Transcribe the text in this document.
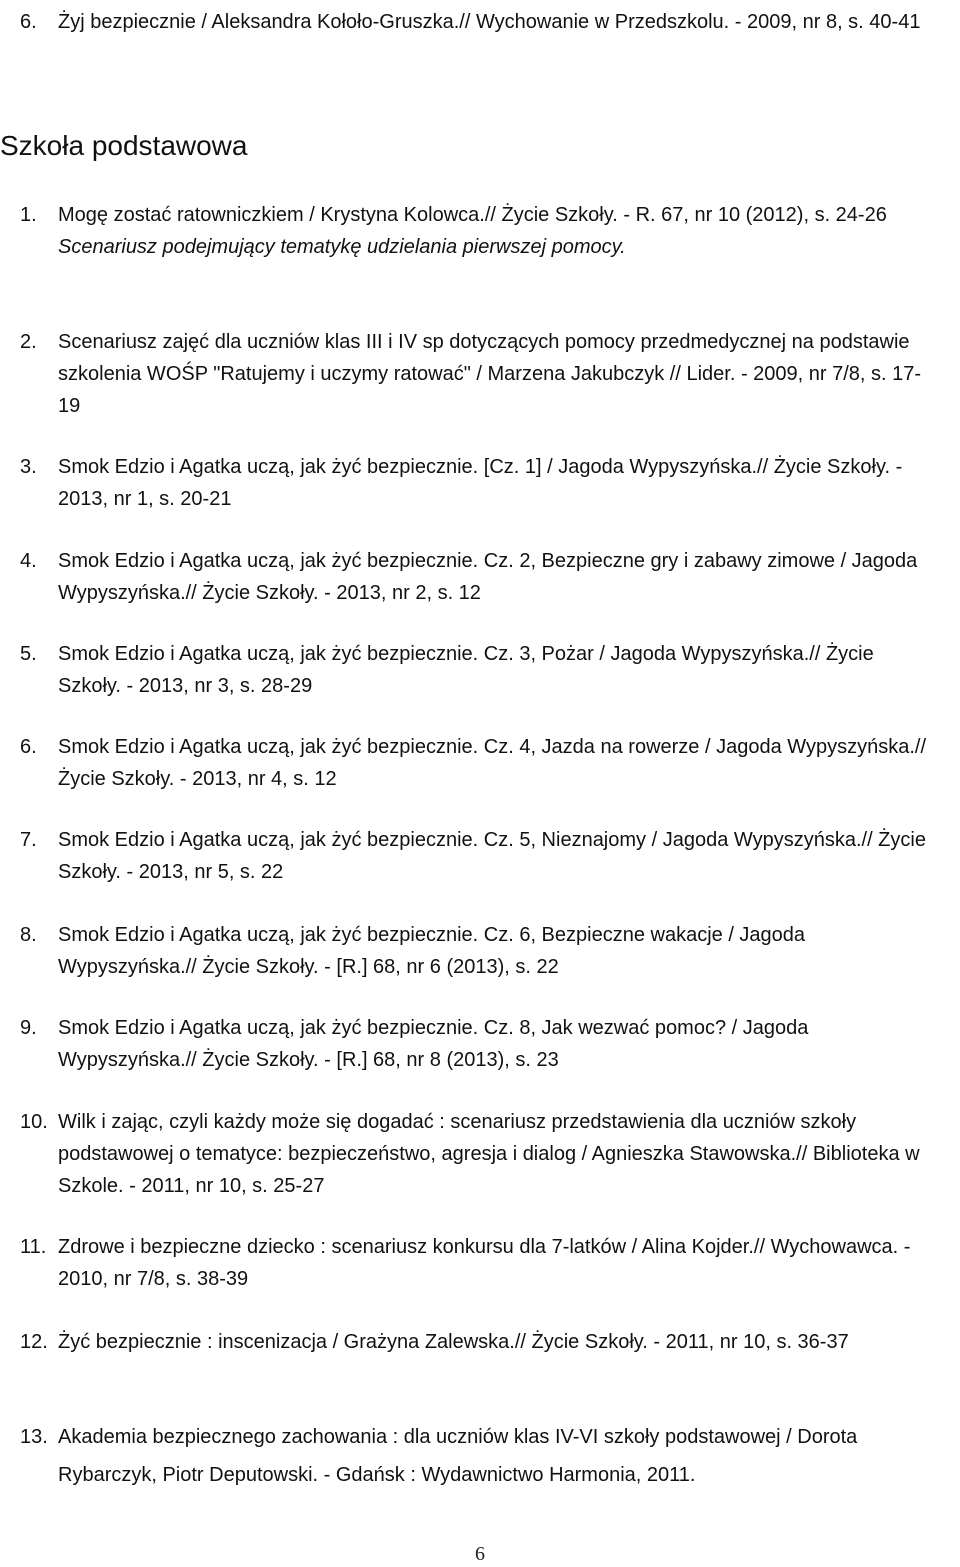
6.	Żyj bezpiecznie / Aleksandra Kołoło-Gruszka.// Wychowanie w Przedszkolu. - 2009, nr 8, s. 40-41
Szkoła podstawowa
1.	Mogę zostać ratowniczkiem / Krystyna Kolowca.// Życie Szkoły. - R. 67, nr 10 (2012), s. 24-26
Scenariusz podejmujący tematykę udzielania pierwszej pomocy.
2.	Scenariusz zajęć dla uczniów klas III i IV sp dotyczących pomocy przedmedycznej na podstawie szkolenia WOŚP "Ratujemy i uczymy ratować" / Marzena Jakubczyk // Lider. - 2009, nr 7/8, s. 17-19
3.	Smok Edzio i Agatka uczą, jak żyć bezpiecznie. [Cz. 1] / Jagoda Wypyszyńska.// Życie Szkoły. - 2013, nr 1, s. 20-21
4.	Smok Edzio i Agatka uczą, jak żyć bezpiecznie. Cz. 2, Bezpieczne gry i zabawy zimowe / Jagoda Wypyszyńska.// Życie Szkoły. - 2013, nr 2, s. 12
5.	Smok Edzio i Agatka uczą, jak żyć bezpiecznie. Cz. 3, Pożar / Jagoda Wypyszyńska.// Życie Szkoły. - 2013, nr 3, s. 28-29
6.	Smok Edzio i Agatka uczą, jak żyć bezpiecznie. Cz. 4, Jazda na rowerze / Jagoda Wypyszyńska.// Życie Szkoły. - 2013, nr 4, s. 12
7.	Smok Edzio i Agatka uczą, jak żyć bezpiecznie. Cz. 5, Nieznajomy / Jagoda Wypyszyńska.// Życie Szkoły. - 2013, nr 5, s. 22
8.	Smok Edzio i Agatka uczą, jak żyć bezpiecznie. Cz. 6, Bezpieczne wakacje / Jagoda Wypyszyńska.// Życie Szkoły. - [R.] 68, nr 6 (2013), s. 22
9.	Smok Edzio i Agatka uczą, jak żyć bezpiecznie. Cz. 8, Jak wezwać pomoc? / Jagoda Wypyszyńska.// Życie Szkoły. - [R.] 68, nr 8 (2013), s. 23
10. Wilk i zając, czyli każdy może się dogadać : scenariusz przedstawienia dla uczniów szkoły podstawowej o tematyce: bezpieczeństwo, agresja i dialog / Agnieszka Stawowska.// Biblioteka w Szkole. - 2011, nr 10, s. 25-27
11. Zdrowe i bezpieczne dziecko : scenariusz konkursu dla 7-latków / Alina Kojder.// Wychowawca. - 2010, nr 7/8, s. 38-39
12. Żyć bezpiecznie : inscenizacja / Grażyna Zalewska.// Życie Szkoły. - 2011, nr 10, s. 36-37
13. Akademia bezpiecznego zachowania : dla uczniów klas IV-VI szkoły podstawowej / Dorota Rybarczyk, Piotr Deputowski. - Gdańsk : Wydawnictwo Harmonia, 2011.
6
